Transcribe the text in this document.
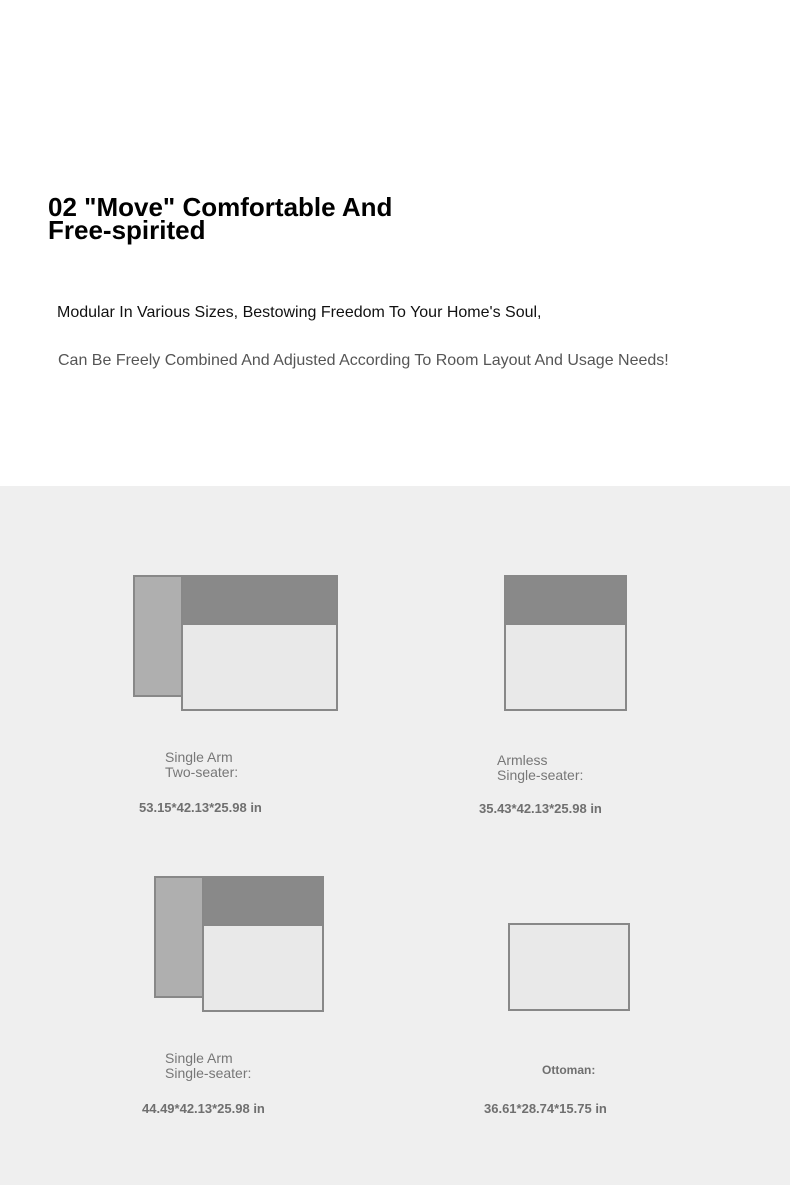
02 "Move" Comfortable And
Free-spirited
Modular In Various Sizes, Bestowing Freedom To Your Home's Soul,
Can Be Freely Combined And Adjusted According To Room Layout And Usage Needs!
Single Arm
Two-seater:
53.15*42.13*25.98 in
Armless
Single-seater:
35.43*42.13*25.98 in
Single Arm
Single-seater:
44.49*42.13*25.98 in
Ottoman:
36.61*28.74*15.75 in
